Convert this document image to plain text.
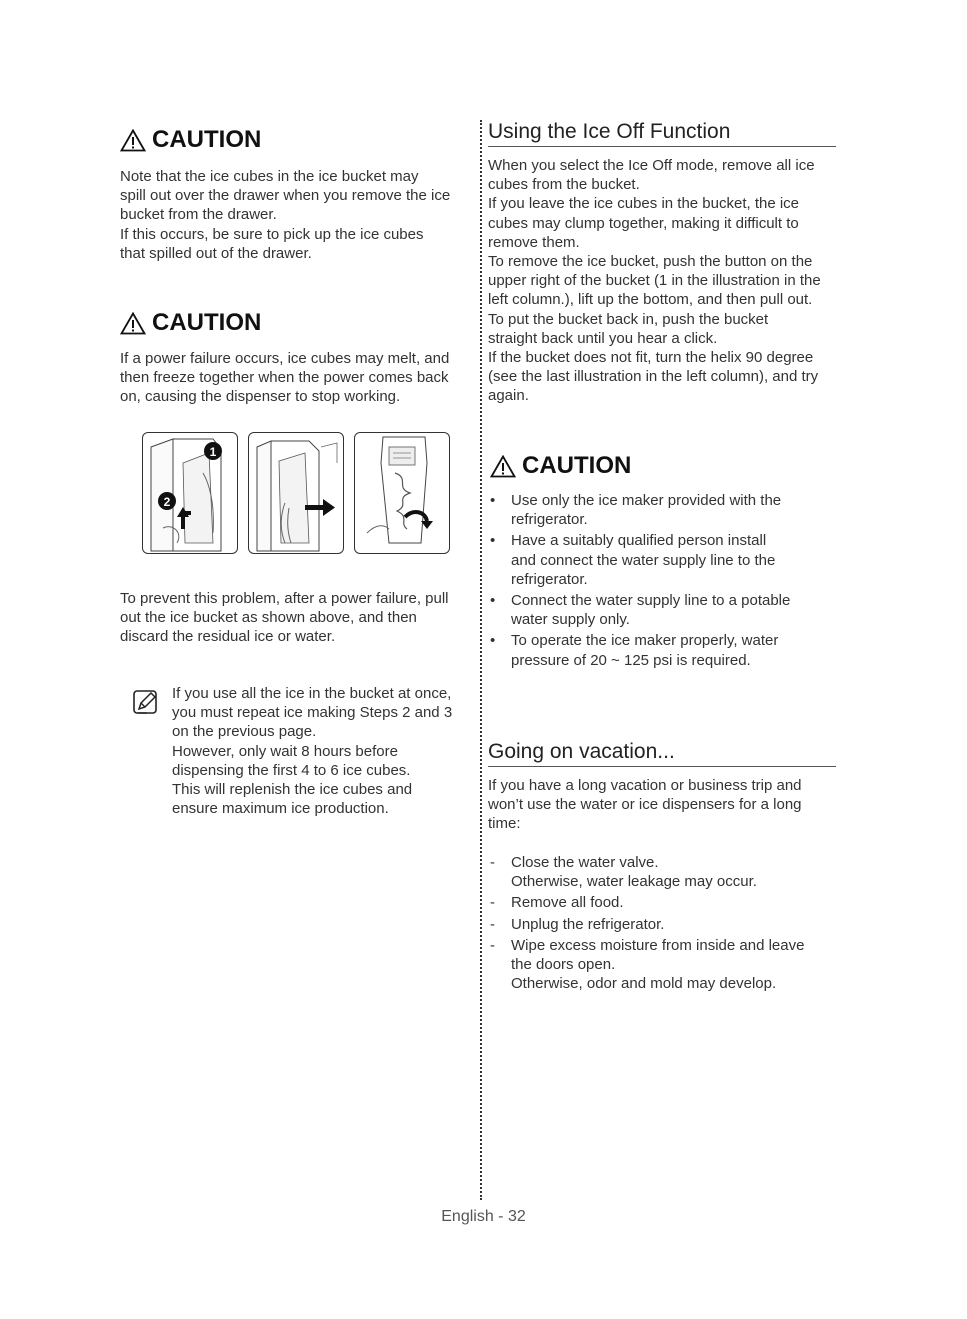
CAUTION
Note that the ice cubes in the ice bucket may
spill out over the drawer when you remove the ice
bucket from the drawer.
If this occurs, be sure to pick up the ice cubes
that spilled out of the drawer.
CAUTION
If a power failure occurs, ice cubes may melt, and
then freeze together when the power comes back
on, causing the dispenser to stop working.
1
2
To prevent this problem, after a power failure, pull
out the ice bucket as shown above, and then
discard the residual ice or water.
If you use all the ice in the bucket at once,
you must repeat ice making Steps 2 and 3
on the previous page.
However, only wait 8 hours before
dispensing the first 4 to 6 ice cubes.
This will replenish the ice cubes and
ensure maximum ice production.
Using the Ice Off Function
When you select the Ice Off mode, remove all ice
cubes from the bucket.
If you leave the ice cubes in the bucket, the ice
cubes may clump together, making it difficult to
remove them.
To remove the ice bucket, push the button on the
upper right of the bucket (1 in the illustration in the
left column.), lift up the bottom, and then pull out.
To put the bucket back in, push the bucket
straight back until you hear a click.
If the bucket does not fit, turn the helix 90 degree
(see the last illustration in the left column), and try
again.
CAUTION
• Use only the ice maker provided with the
refrigerator.
• Have a suitably qualified person install
and connect the water supply line to the
refrigerator.
• Connect the water supply line to a potable
water supply only.
• To operate the ice maker properly, water
pressure of 20 ~ 125 psi is required.
Going on vacation...
If you have a long vacation or business trip and
won’t use the water or ice dispensers for a long
time:
- Close the water valve.
Otherwise, water leakage may occur.
- Remove all food.
- Unplug the refrigerator.
- Wipe excess moisture from inside and leave
the doors open.
Otherwise, odor and mold may develop.
English - 32
